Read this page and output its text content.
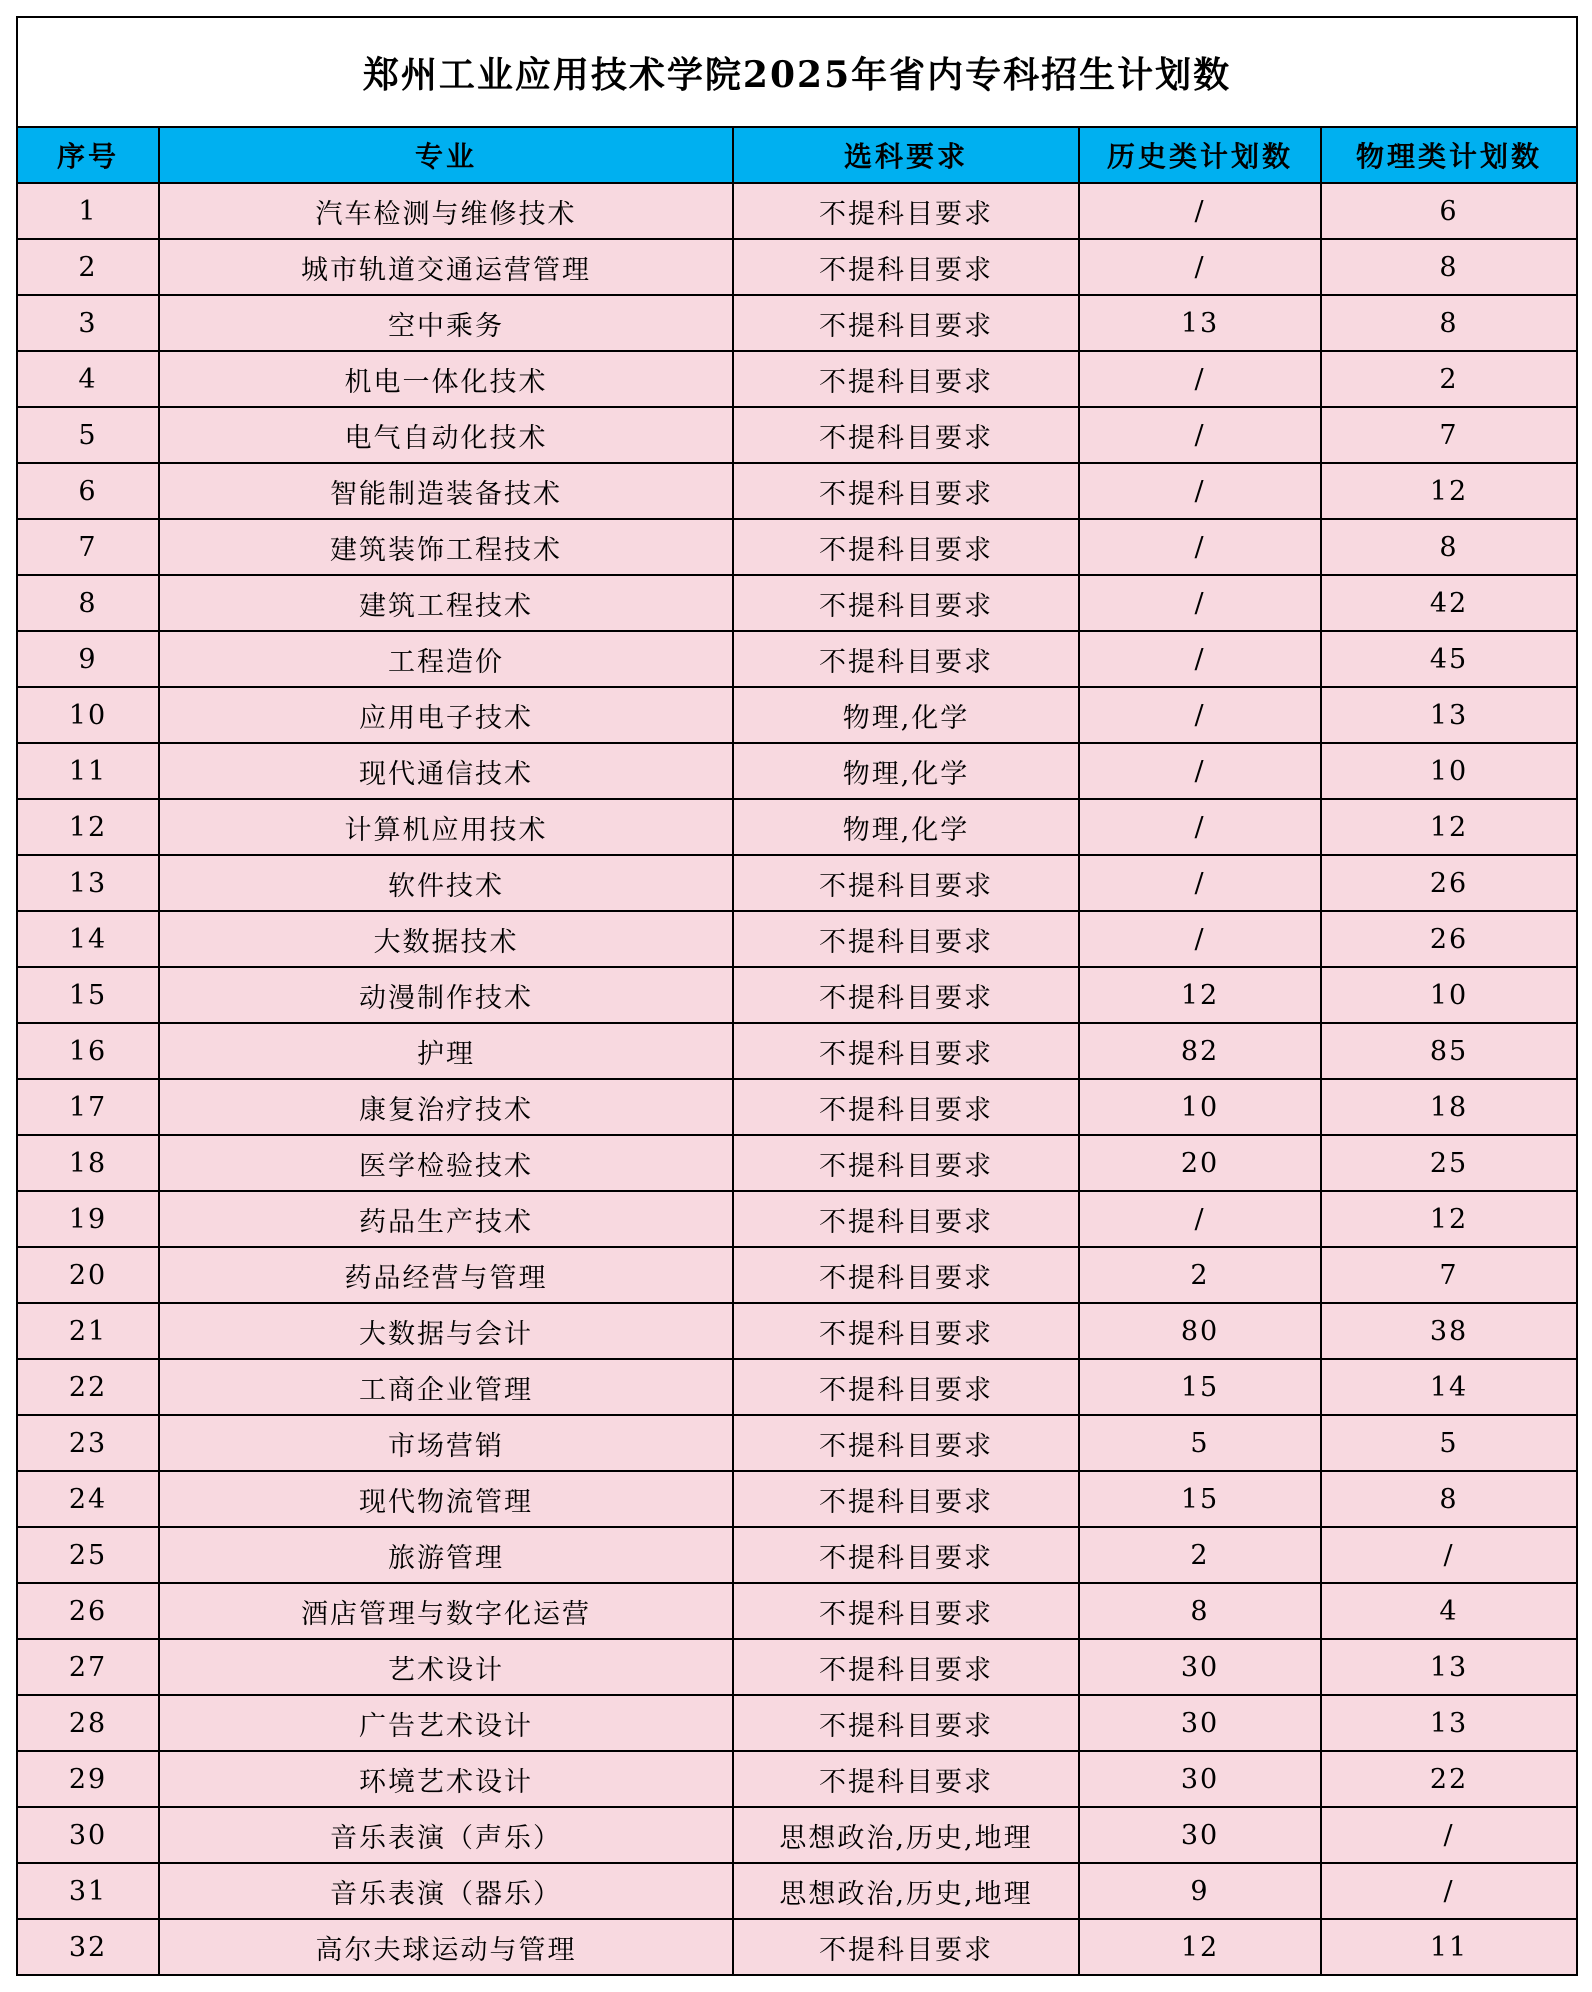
郑州工业应用技术学院2025年省内专科招生计划数				
序号	专业	选科要求	历史类计划数	物理类计划数
1	汽车检测与维修技术	不提科目要求	/	6
2	城市轨道交通运营管理	不提科目要求	/	8
3	空中乘务	不提科目要求	13	8
4	机电一体化技术	不提科目要求	/	2
5	电气自动化技术	不提科目要求	/	7
6	智能制造装备技术	不提科目要求	/	12
7	建筑装饰工程技术	不提科目要求	/	8
8	建筑工程技术	不提科目要求	/	42
9	工程造价	不提科目要求	/	45
10	应用电子技术	物理,化学	/	13
11	现代通信技术	物理,化学	/	10
12	计算机应用技术	物理,化学	/	12
13	软件技术	不提科目要求	/	26
14	大数据技术	不提科目要求	/	26
15	动漫制作技术	不提科目要求	12	10
16	护理	不提科目要求	82	85
17	康复治疗技术	不提科目要求	10	18
18	医学检验技术	不提科目要求	20	25
19	药品生产技术	不提科目要求	/	12
20	药品经营与管理	不提科目要求	2	7
21	大数据与会计	不提科目要求	80	38
22	工商企业管理	不提科目要求	15	14
23	市场营销	不提科目要求	5	5
24	现代物流管理	不提科目要求	15	8
25	旅游管理	不提科目要求	2	/
26	酒店管理与数字化运营	不提科目要求	8	4
27	艺术设计	不提科目要求	30	13
28	广告艺术设计	不提科目要求	30	13
29	环境艺术设计	不提科目要求	30	22
30	音乐表演（声乐）	思想政治,历史,地理	30	/
31	音乐表演（器乐）	思想政治,历史,地理	9	/
32	高尔夫球运动与管理	不提科目要求	12	11
